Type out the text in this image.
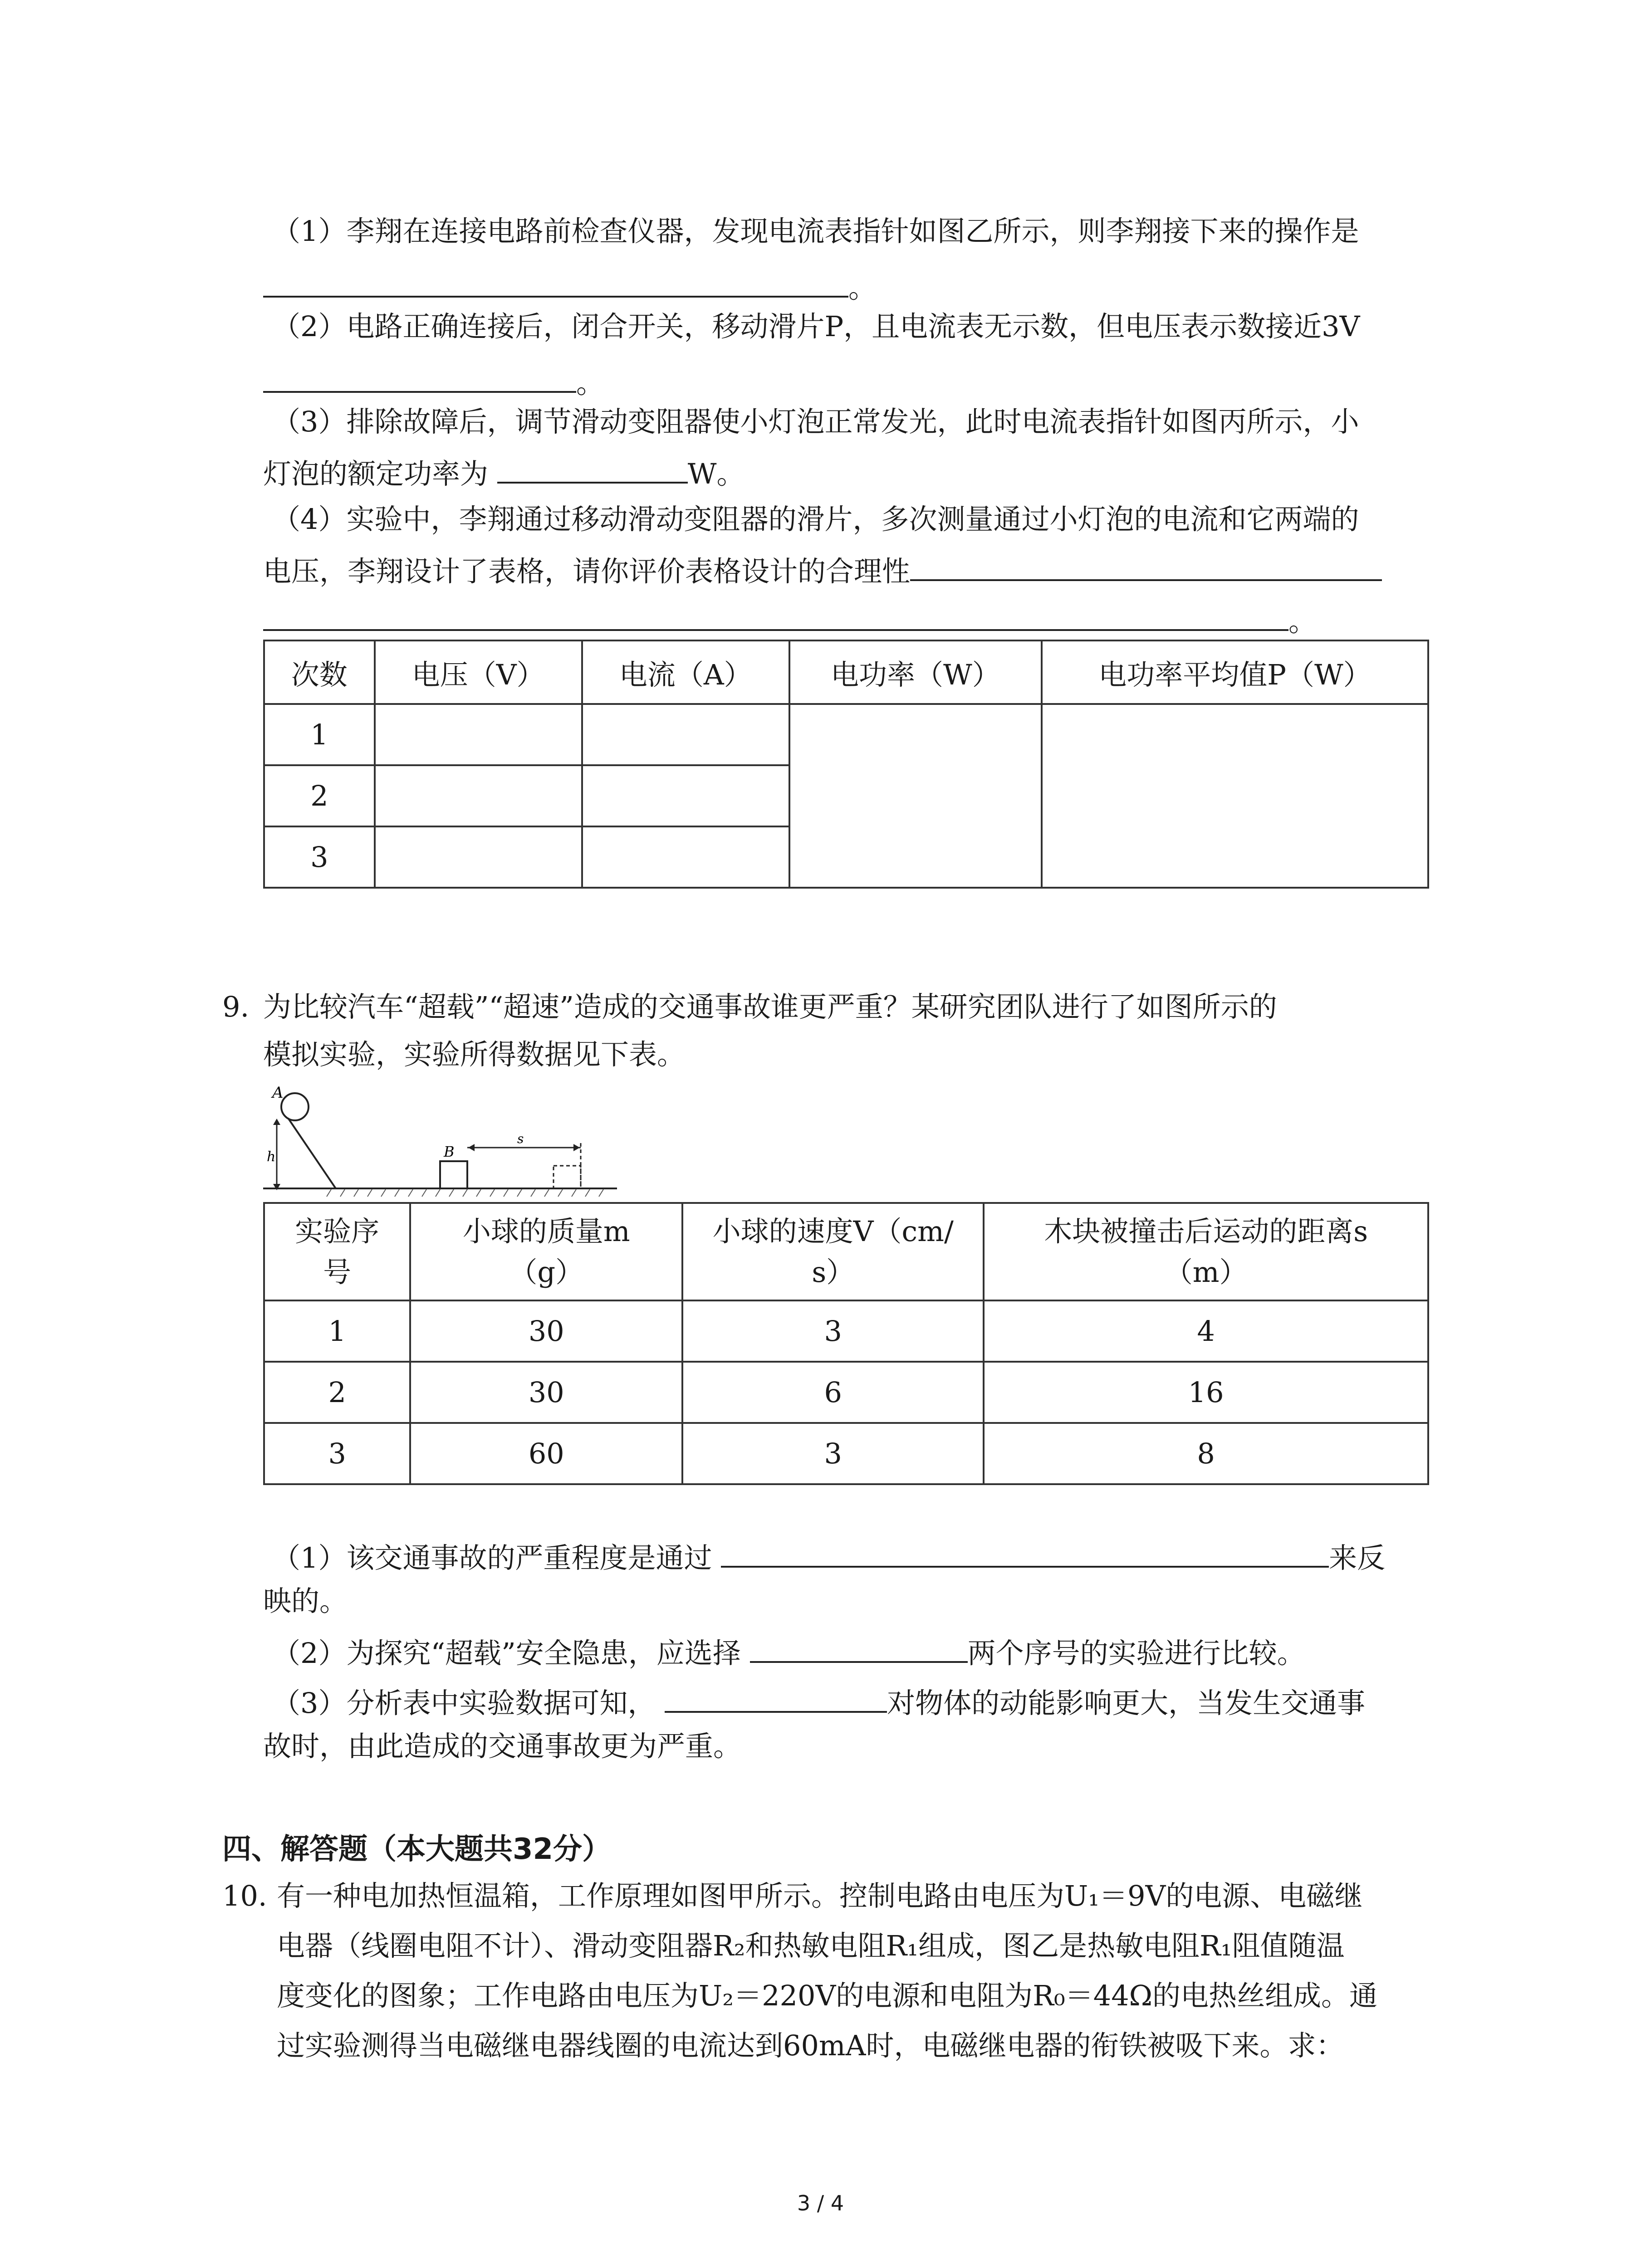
（1）李翔在连接电路前检查仪器，发现电流表指针如图乙所示，则李翔接下来的操作是
。
（2）电路正确连接后，闭合开关，移动滑片P，且电流表无示数，但电压表示数接近3V
。
（3）排除故障后，调节滑动变阻器使小灯泡正常发光，此时电流表指针如图丙所示，小
灯泡的额定功率为	W。
（4）实验中，李翔通过移动滑动变阻器的滑片，多次测量通过小灯泡的电流和它两端的
电压，李翔设计了表格，请你评价表格设计的合理性
。
次数	电压（V）	电流（A）	电功率（W）	电功率平均值P（W）
1				
2				
3				
9. 为比较汽车“超载”“超速”造成的交通事故谁更严重？某研究团队进行了如图所示的
模拟实验，实验所得数据见下表。
A
h	B
s
实验序
号	小球的质量m
（g）	小球的速度V（cm/
s）	木块被撞击后运动的距离s
（m）
1	30	3	4
2	30	6	16
3	60	3	8
（1）该交通事故的严重程度是通过	来反
映的。
（2）为探究“超载”安全隐患，应选择	两个序号的实验进行比较。
（3）分析表中实验数据可知，	对物体的动能影响更大，当发生交通事
故时，由此造成的交通事故更为严重。
四、解答题（本大题共32分）
10. 有一种电加热恒温箱，工作原理如图甲所示。控制电路由电压为U₁＝9V的电源、电磁继
电器（线圈电阻不计）、滑动变阻器R₂和热敏电阻R₁组成，图乙是热敏电阻R₁阻值随温
度变化的图象；工作电路由电压为U₂＝220V的电源和电阻为R₀＝44Ω的电热丝组成。通
过实验测得当电磁继电器线圈的电流达到60mA时，电磁继电器的衔铁被吸下来。求：
3 / 4
